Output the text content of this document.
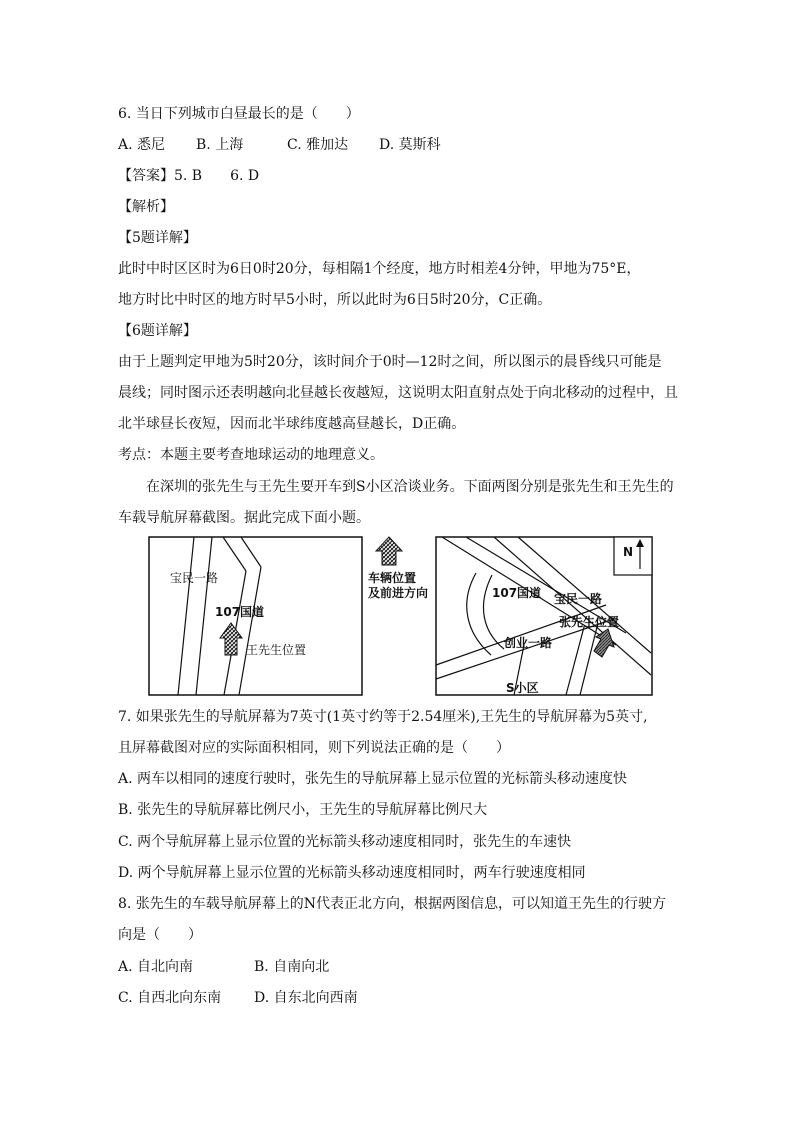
6. 当日下列城市白昼最长的是（　　）
A. 悉尼 B. 上海	C. 雅加达 D. 莫斯科
【答案】5. B　　6. D
【解析】
【5题详解】
此时中时区区时为6日0时20分，每相隔1个经度，地方时相差4分钟，甲地为75°E，
地方时比中时区的地方时早5小时，所以此时为6日5时20分，C正确。
【6题详解】
由于上题判定甲地为5时20分，该时间介于0时—12时之间，所以图示的晨昏线只可能是
晨线；同时图示还表明越向北昼越长夜越短，这说明太阳直射点处于向北移动的过程中，且
北半球昼长夜短，因而北半球纬度越高昼越长，D正确。
考点：本题主要考查地球运动的地理意义。
在深圳的张先生与王先生要开车到S小区洽谈业务。下面两图分别是张先生和王先生的
车载导航屏幕截图。据此完成下面小题。
宝民一路
107国道
王先生位置
车辆位置
及前进方向
N
107国道 宝民一路
张先生位置
创业一路
S小区
7. 如果张先生的导航屏幕为7英寸(1英寸约等于2.54厘米),王先生的导航屏幕为5英寸,
且屏幕截图对应的实际面积相同，则下列说法正确的是（　　）
A. 两车以相同的速度行驶时，张先生的导航屏幕上显示位置的光标箭头移动速度快
B. 张先生的导航屏幕比例尺小，王先生的导航屏幕比例尺大
C. 两个导航屏幕上显示位置的光标箭头移动速度相同时，张先生的车速快
D. 两个导航屏幕上显示位置的光标箭头移动速度相同时，两车行驶速度相同
8. 张先生的车载导航屏幕上的N代表正北方向，根据两图信息，可以知道王先生的行驶方
向是（　　）
A. 自北向南	B. 自南向北
C. 自西北向东南 D. 自东北向西南
